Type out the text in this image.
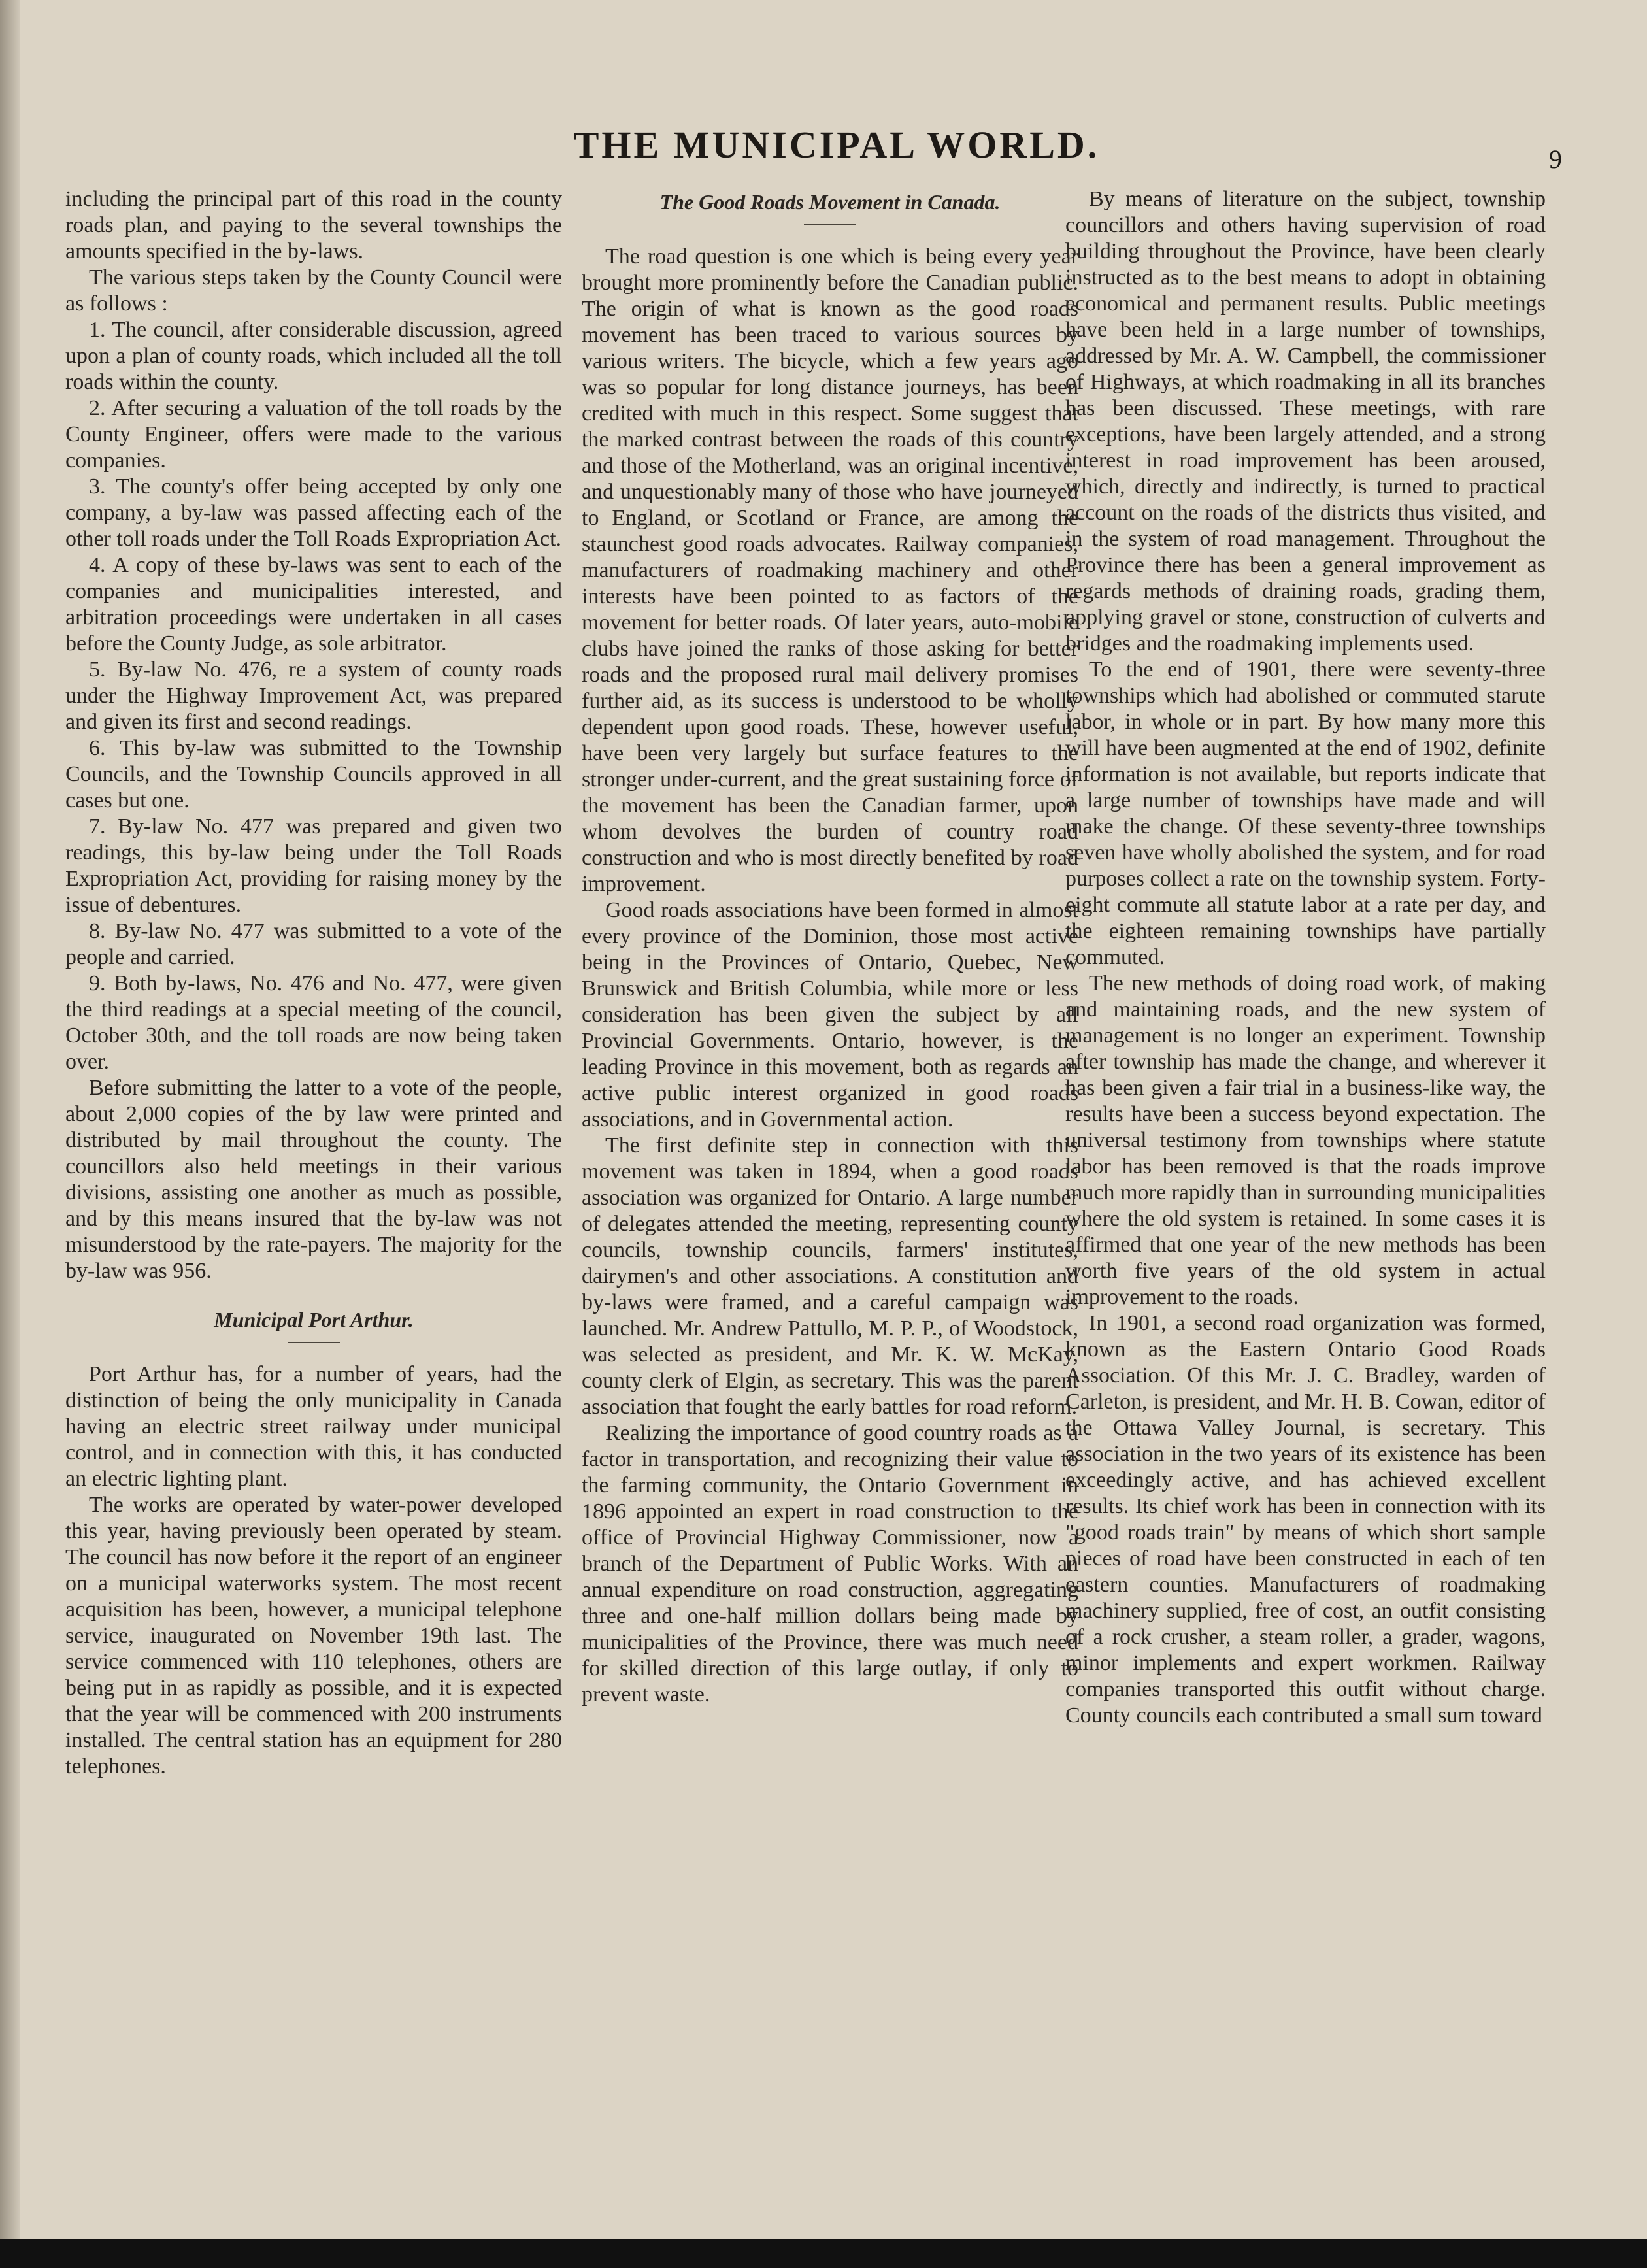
THE MUNICIPAL WORLD.	9

including the principal part of this road in the county roads plan, and paying to the several townships the amounts specified in the by-laws.

The various steps taken by the County Council were as follows :

1. The council, after considerable discussion, agreed upon a plan of county roads, which included all the toll roads within the county.

2. After securing a valuation of the toll roads by the County Engineer, offers were made to the various companies.

3. The county's offer being accepted by only one company, a by-law was passed affecting each of the other toll roads under the Toll Roads Expropriation Act.

4. A copy of these by-laws was sent to each of the companies and municipalities interested, and arbitration proceedings were undertaken in all cases before the County Judge, as sole arbitrator.

5. By-law No. 476, re a system of county roads under the Highway Improvement Act, was prepared and given its first and second readings.

6. This by-law was submitted to the Township Councils, and the Township Councils approved in all cases but one.

7. By-law No. 477 was prepared and given two readings, this by-law being under the Toll Roads Expropriation Act, providing for raising money by the issue of debentures.

8. By-law No. 477 was submitted to a vote of the people and carried.

9. Both by-laws, No. 476 and No. 477, were given the third readings at a special meeting of the council, October 30th, and the toll roads are now being taken over.

Before submitting the latter to a vote of the people, about 2,000 copies of the by law were printed and distributed by mail throughout the county. The councillors also held meetings in their various divisions, assisting one another as much as possible, and by this means insured that the by-law was not misunderstood by the rate-payers. The majority for the by-law was 956.

Municipal Port Arthur.

Port Arthur has, for a number of years, had the distinction of being the only municipality in Canada having an electric street railway under municipal control, and in connection with this, it has conducted an electric lighting plant.

The works are operated by water-power developed this year, having previously been operated by steam. The council has now before it the report of an engineer on a municipal waterworks system. The most recent acquisition has been, however, a municipal telephone service, inaugurated on November 19th last. The service commenced with 110 telephones, others are being put in as rapidly as possible, and it is expected that the year will be commenced with 200 instruments installed. The central station has an equipment for 280 telephones.

The Good Roads Movement in Canada.

The road question is one which is being every year brought more prominently before the Canadian public. The origin of what is known as the good roads movement has been traced to various sources by various writers. The bicycle, which a few years ago was so popular for long distance journeys, has been credited with much in this respect. Some suggest that the marked contrast between the roads of this country and those of the Motherland, was an original incentive, and unquestionably many of those who have journeyed to England, or Scotland or France, are among the staunchest good roads advocates. Railway companies, manufacturers of roadmaking machinery and other interests have been pointed to as factors of the movement for better roads. Of later years, auto-mobile clubs have joined the ranks of those asking for better roads and the proposed rural mail delivery promises further aid, as its success is understood to be wholly dependent upon good roads. These, however useful, have been very largely but surface features to the stronger under-current, and the great sustaining force of the movement has been the Canadian farmer, upon whom devolves the burden of country road construction and who is most directly benefited by road improvement.

Good roads associations have been formed in almost every province of the Dominion, those most active being in the Provinces of Ontario, Quebec, New Brunswick and British Columbia, while more or less consideration has been given the subject by all Provincial Governments. Ontario, however, is the leading Province in this movement, both as regards an active public interest organized in good roads associations, and in Governmental action.

The first definite step in connection with this movement was taken in 1894, when a good roads association was organized for Ontario. A large number of delegates attended the meeting, representing county councils, township councils, farmers' institutes, dairymen's and other associations. A constitution and by-laws were framed, and a careful campaign was launched. Mr. Andrew Pattullo, M. P. P., of Woodstock, was selected as president, and Mr. K. W. McKay, county clerk of Elgin, as secretary. This was the parent association that fought the early battles for road reform.

Realizing the importance of good country roads as a factor in transportation, and recognizing their value to the farming community, the Ontario Government in 1896 appointed an expert in road construction to the office of Provincial Highway Commissioner, now a branch of the Department of Public Works. With an annual expenditure on road construction, aggregating three and one-half million dollars being made by municipalities of the Province, there was much need for skilled direction of this large outlay, if only to prevent waste.

By means of literature on the subject, township councillors and others having supervision of road building throughout the Province, have been clearly instructed as to the best means to adopt in obtaining economical and permanent results. Public meetings have been held in a large number of townships, addressed by Mr. A. W. Campbell, the commissioner of Highways, at which roadmaking in all its branches has been discussed. These meetings, with rare exceptions, have been largely attended, and a strong interest in road improvement has been aroused, which, directly and indirectly, is turned to practical account on the roads of the districts thus visited, and in the system of road management. Throughout the Province there has been a general improvement as regards methods of draining roads, grading them, applying gravel or stone, construction of culverts and bridges and the roadmaking implements used.

To the end of 1901, there were seventy-three townships which had abolished or commuted starute labor, in whole or in part. By how many more this will have been augmented at the end of 1902, definite information is not available, but reports indicate that a large number of townships have made and will make the change. Of these seventy-three townships seven have wholly abolished the system, and for road purposes collect a rate on the township system. Forty-eight commute all statute labor at a rate per day, and the eighteen remaining townships have partially commuted.

The new methods of doing road work, of making and maintaining roads, and the new system of management is no longer an experiment. Township after township has made the change, and wherever it has been given a fair trial in a business-like way, the results have been a success beyond expectation. The universal testimony from townships where statute labor has been removed is that the roads improve much more rapidly than in surrounding municipalities where the old system is retained. In some cases it is affirmed that one year of the new methods has been worth five years of the old system in actual improvement to the roads.

In 1901, a second road organization was formed, known as the Eastern Ontario Good Roads Association. Of this Mr. J. C. Bradley, warden of Carleton, is president, and Mr. H. B. Cowan, editor of the Ottawa Valley Journal, is secretary. This association in the two years of its existence has been exceedingly active, and has achieved excellent results. Its chief work has been in connection with its "good roads train" by means of which short sample pieces of road have been constructed in each of ten eastern counties. Manufacturers of roadmaking machinery supplied, free of cost, an outfit consisting of a rock crusher, a steam roller, a grader, wagons, minor implements and expert workmen. Railway companies transported this outfit without charge. County councils each contributed a small sum toward
